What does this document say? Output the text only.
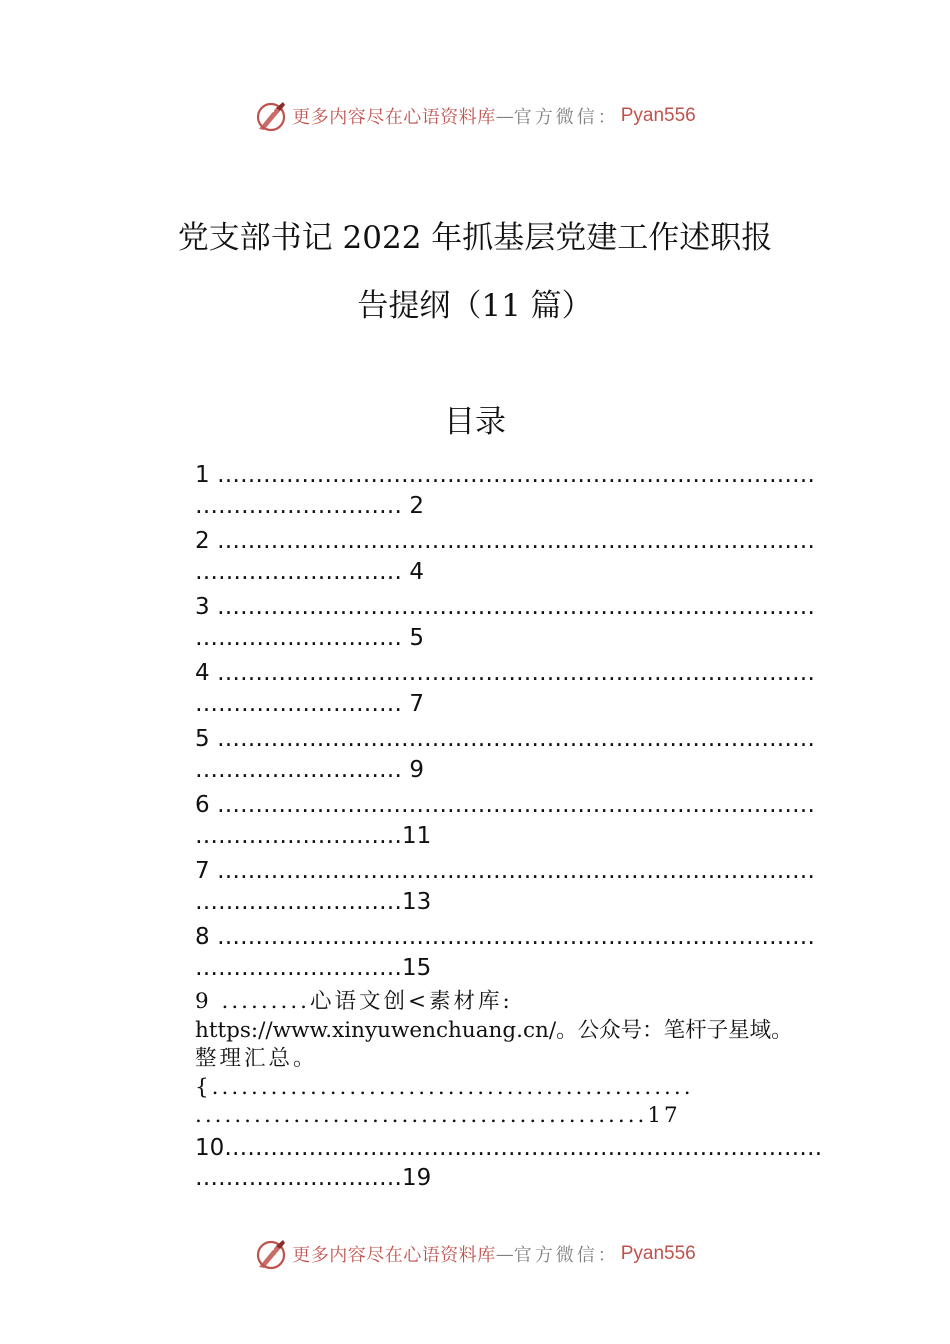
更多内容尽在心语资料库 — 官方微信： Pyan556
党支部书记 2022 年抓基层党建工作述职报
告提纲（11 篇）
目录
1 ……………………………………………………………………
……………………… 2
2 ……………………………………………………………………
……………………… 4
3 ……………………………………………………………………
……………………… 5
4 ……………………………………………………………………
……………………… 7
5 ……………………………………………………………………
……………………… 9
6 ……………………………………………………………………
………………………11
7 ……………………………………………………………………
………………………13
8 ……………………………………………………………………
………………………15
9 .........心语文创<素材库:
https://www.xinyuwenchuang.cn/。公众号：笔杆子星域。
整理汇总。
{.................................................
..............................................17
10……………………………………………………………………
………………………19
更多内容尽在心语资料库 — 官方微信： Pyan556
